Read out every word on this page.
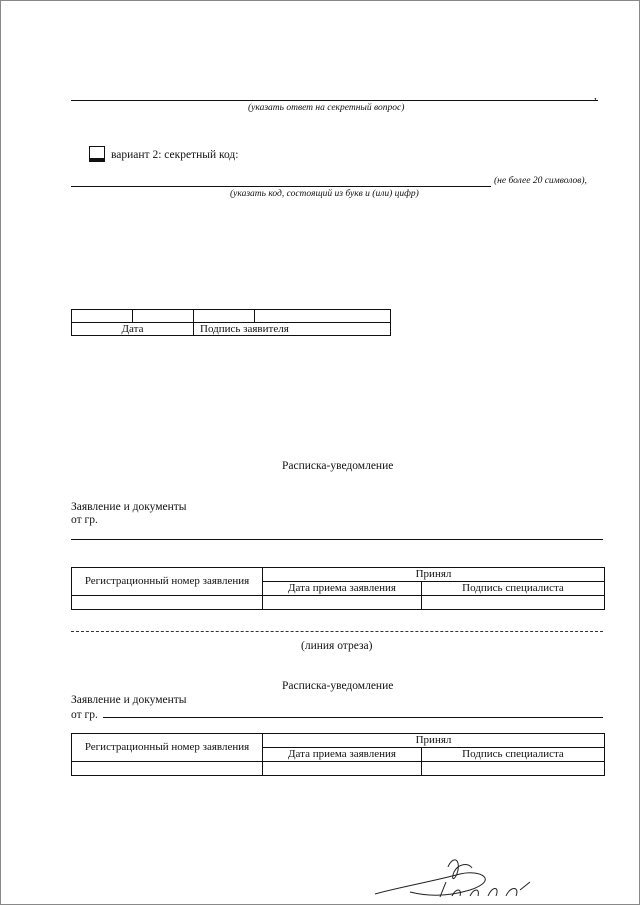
,
(указать ответ на секретный вопрос)
вариант 2: секретный код:
(не более 20 символов),
(указать код, состоящий из букв и (или) цифр)

Дата		Подпись заявителя	
Расписка-уведомление
Заявление и документы
от гр.
Регистрационный номер заявления	Принял	
	Дата приема заявления	Подпись специалиста

(линия отреза)
Расписка-уведомление
Заявление и документы
от гр.
Регистрационный номер заявления	Принял	
	Дата приема заявления	Подпись специалиста
